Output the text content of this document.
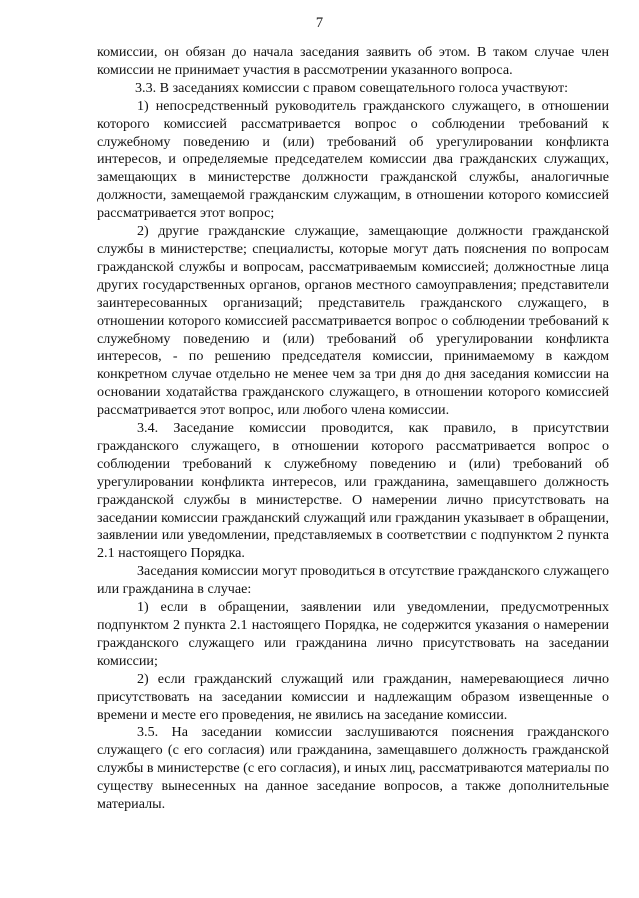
7

комиссии, он обязан до начала заседания заявить об этом. В таком случае член комиссии не принимает участия в рассмотрении указанного вопроса.

3.3. В заседаниях комиссии с правом совещательного голоса участвуют:

1) непосредственный руководитель гражданского служащего, в отношении которого комиссией рассматривается вопрос о соблюдении требований к служебному поведению и (или) требований об урегулировании конфликта интересов, и определяемые председателем комиссии два гражданских служащих, замещающих в министерстве должности гражданской службы, аналогичные должности, замещаемой гражданским служащим, в отношении которого комиссией рассматривается этот вопрос;

2) другие гражданские служащие, замещающие должности гражданской службы в министерстве; специалисты, которые могут дать пояснения по вопросам гражданской службы и вопросам, рассматриваемым комиссией; должностные лица других государственных органов, органов местного самоуправления; представители заинтересованных организаций; представитель гражданского служащего, в отношении которого комиссией рассматривается вопрос о соблюдении требований к служебному поведению и (или) требований об урегулировании конфликта интересов, - по решению председателя комиссии, принимаемому в каждом конкретном случае отдельно не менее чем за три дня до дня заседания комиссии на основании ходатайства гражданского служащего, в отношении которого комиссией рассматривается этот вопрос, или любого члена комиссии.

3.4. Заседание комиссии проводится, как правило, в присутствии гражданского служащего, в отношении которого рассматривается вопрос о соблюдении требований к служебному поведению и (или) требований об урегулировании конфликта интересов, или гражданина, замещавшего должность гражданской службы в министерстве. О намерении лично присутствовать на заседании комиссии гражданский служащий или гражданин указывает в обращении, заявлении или уведомлении, представляемых в соответствии с подпунктом 2 пункта 2.1 настоящего Порядка.

Заседания комиссии могут проводиться в отсутствие гражданского служащего или гражданина в случае:

1) если в обращении, заявлении или уведомлении, предусмотренных подпунктом 2 пункта 2.1 настоящего Порядка, не содержится указания о намерении гражданского служащего или гражданина лично присутствовать на заседании комиссии;

2) если гражданский служащий или гражданин, намеревающиеся лично присутствовать на заседании комиссии и надлежащим образом извещенные о времени и месте его проведения, не явились на заседание комиссии.

3.5. На заседании комиссии заслушиваются пояснения гражданского служащего (с его согласия) или гражданина, замещавшего должность гражданской службы в министерстве (с его согласия), и иных лиц, рассматриваются материалы по существу вынесенных на данное заседание вопросов, а также дополнительные материалы.
